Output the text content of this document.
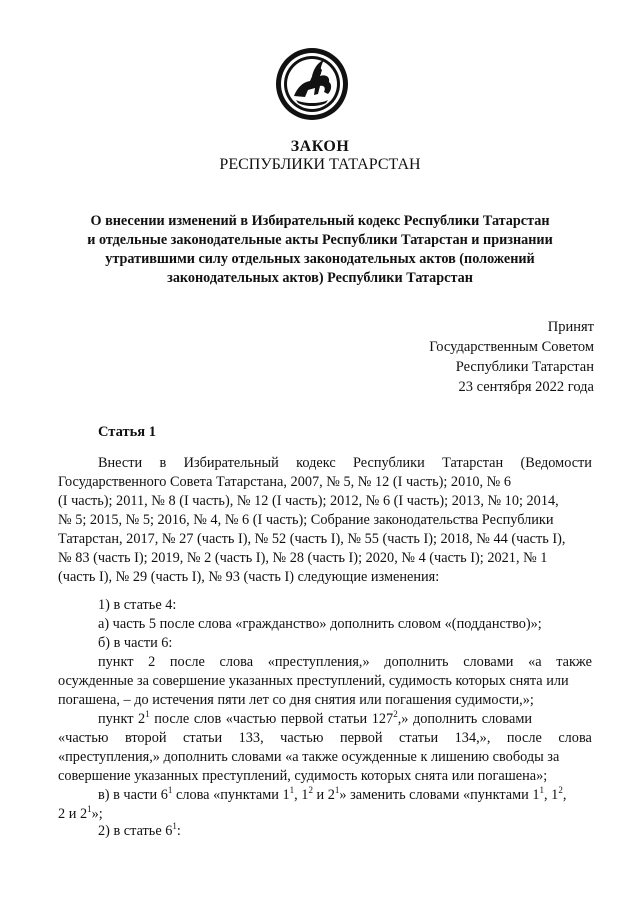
ЗАКОН
РЕСПУБЛИКИ ТАТАРСТАН
О внесении изменений в Избирательный кодекс Республики Татарстан
и отдельные законодательные акты Республики Татарстан и признании
утратившими силу отдельных законодательных актов (положений
законодательных актов) Республики Татарстан
Принят
Государственным Советом
Республики Татарстан
23 сентября 2022 года
Статья 1
Внести в Избирательный кодекс Республики Татарстан (Ведомости
Государственного Совета Татарстана, 2007, № 5, № 12 (I часть); 2010, № 6
(I часть); 2011, № 8 (I часть), № 12 (I часть); 2012, № 6 (I часть); 2013, № 10; 2014,
№ 5; 2015, № 5; 2016, № 4, № 6 (I часть); Собрание законодательства Республики
Татарстан, 2017, № 27 (часть I), № 52 (часть I), № 55 (часть I); 2018, № 44 (часть I),
№ 83 (часть I); 2019, № 2 (часть I), № 28 (часть I); 2020, № 4 (часть I); 2021, № 1
(часть I), № 29 (часть I), № 93 (часть I) следующие изменения:
1) в статье 4:
а) часть 5 после слова «гражданство» дополнить словом «(подданство)»;
б) в части 6:
пункт 2 после слова «преступления,» дополнить словами «а также
осужденные за совершение указанных преступлений, судимость которых снята или
погашена, – до истечения пяти лет со дня снятия или погашения судимости,»;
пункт $2^1$ после слов «частью первой статьи $127^2$,» дополнить словами
«частью второй статьи 133, частью первой статьи 134,», после слова
«преступления,» дополнить словами «а также осужденные к лишению свободы за
совершение указанных преступлений, судимость которых снята или погашена»;
в) в части $6^1$ слова «пунктами $1^1$, $1^2$ и $2^1$» заменить словами «пунктами $1^1$, $1^2$,
2 и $2^1$»;
2) в статье $6^1$:
